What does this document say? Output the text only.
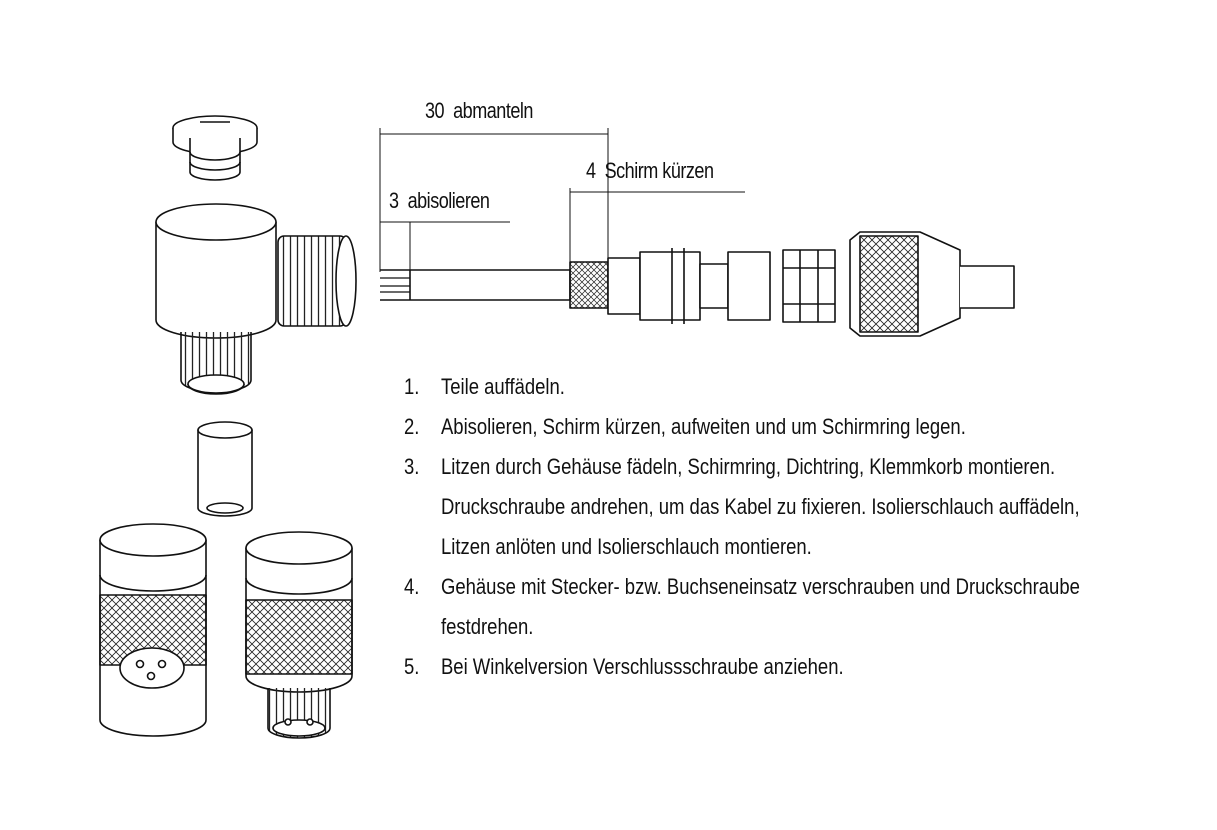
30 abmanteln
4 Schirm kürzen
3 abisolieren
1. Teile auffädeln.
2. Abisolieren, Schirm kürzen, aufweiten und um Schirmring legen.
3. Litzen durch Gehäuse fädeln, Schirmring, Dichtring, Klemmkorb montieren.
Druckschraube andrehen, um das Kabel zu fixieren. Isolierschlauch auffädeln,
Litzen anlöten und Isolierschlauch montieren.
4. Gehäuse mit Stecker- bzw. Buchseneinsatz verschrauben und Druckschraube
festdrehen.
5. Bei Winkelversion Verschlussschraube anziehen.
